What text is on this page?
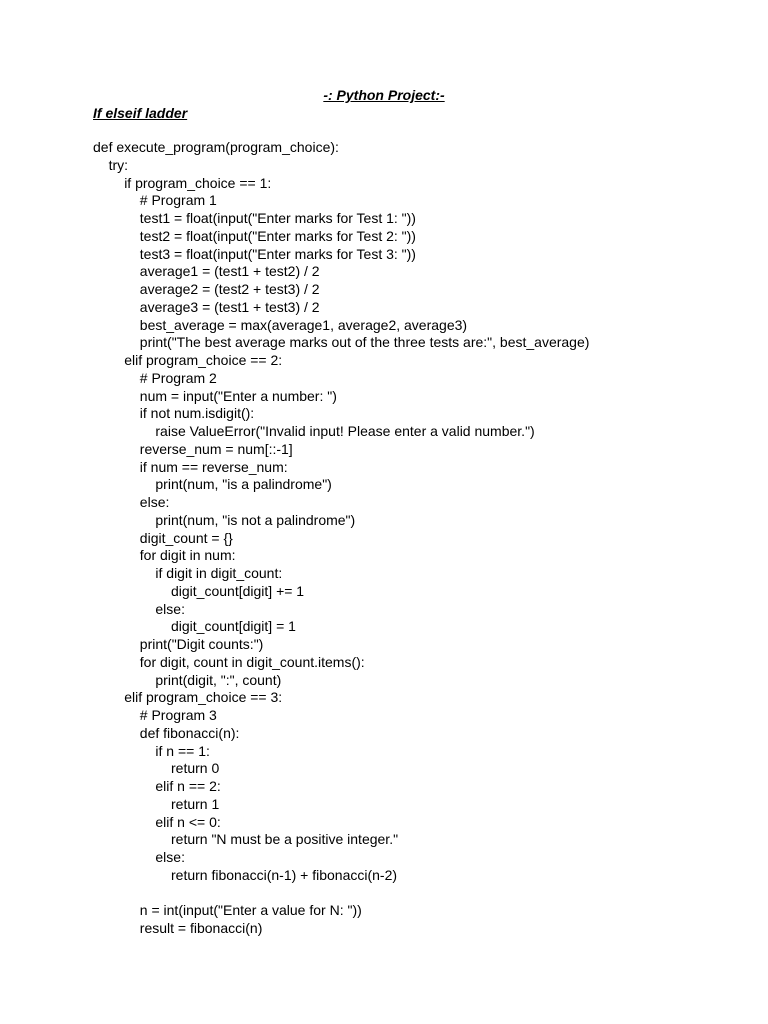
-: Python Project:-
If elseif ladder
def execute_program(program_choice):
try:
if program_choice == 1:
# Program 1
test1 = float(input("Enter marks for Test 1: "))
test2 = float(input("Enter marks for Test 2: "))
test3 = float(input("Enter marks for Test 3: "))
average1 = (test1 + test2) / 2
average2 = (test2 + test3) / 2
average3 = (test1 + test3) / 2
best_average = max(average1, average2, average3)
print("The best average marks out of the three tests are:", best_average)
elif program_choice == 2:
# Program 2
num = input("Enter a number: ")
if not num.isdigit():
raise ValueError("Invalid input! Please enter a valid number.")
reverse_num = num[::-1]
if num == reverse_num:
print(num, "is a palindrome")
else:
print(num, "is not a palindrome")
digit_count = {}
for digit in num:
if digit in digit_count:
digit_count[digit] += 1
else:
digit_count[digit] = 1
print("Digit counts:")
for digit, count in digit_count.items():
print(digit, ":", count)
elif program_choice == 3:
# Program 3
def fibonacci(n):
if n == 1:
return 0
elif n == 2:
return 1
elif n <= 0:
return "N must be a positive integer."
else:
return fibonacci(n-1) + fibonacci(n-2)
n = int(input("Enter a value for N: "))
result = fibonacci(n)
